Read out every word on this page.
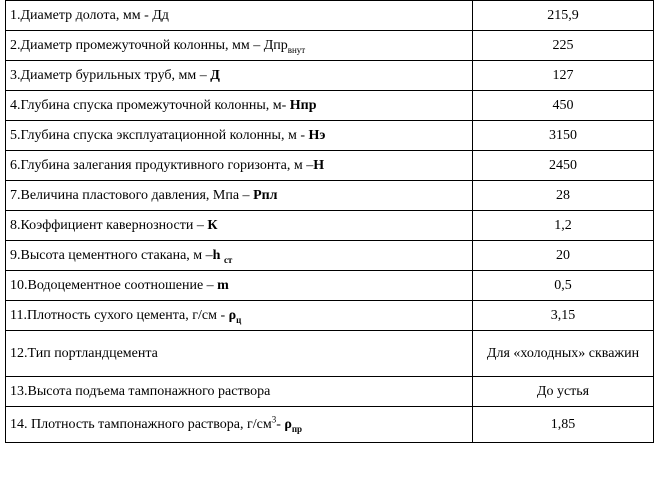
1.Диаметр долота, мм - Дд	215,9
2.Диаметр промежуточной колонны, мм – Дпр$_{внут}$	225
3.Диаметр бурильных труб, мм – Д	127
4.Глубина спуска промежуточной колонны, м- Нпр	450
5.Глубина спуска эксплуатационной колонны, м - Нэ	3150
6.Глубина залегания продуктивного горизонта, м –Н	2450
7.Величина пластового давления, Мпа – Рпл	28
8.Коэффициент кавернозности – К	1,2
9.Высота цементного стакана, м –h $_{ст}$	20
10.Водоцементное соотношение – m	0,5
11.Плотность сухого цемента, $г/см - \rho_ц$	3,15
12.Тип портландцемента	Для «холодных» скважин
13.Высота подъема тампонажного раствора	До устья
14. Плотность тампонажного раствора, $г/см^3-$ $\rho_{пр}$	1,85
